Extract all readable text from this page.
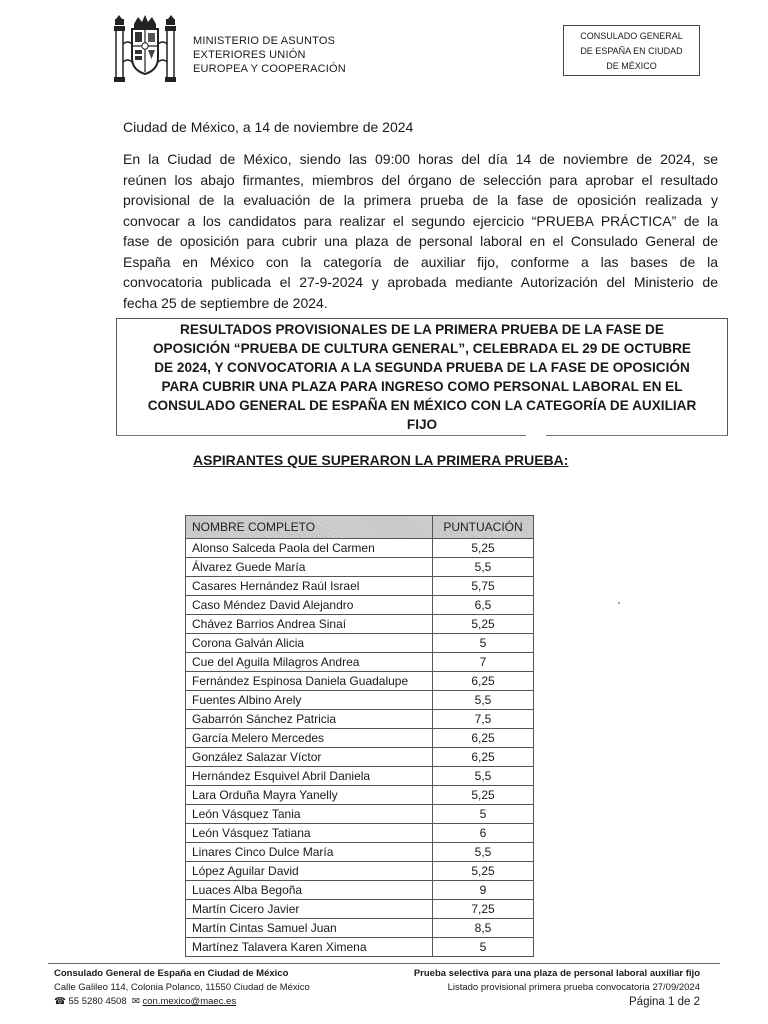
MINISTERIO DE ASUNTOS
EXTERIORES UNIÓN
EUROPEA Y COOPERACIÓN
CONSULADO GENERAL
DE ESPAÑA EN CIUDAD
DE MÉXICO
Ciudad de México, a 14 de noviembre de 2024
En la Ciudad de México, siendo las 09:00 horas del día 14 de noviembre de 2024, se
reúnen los abajo firmantes, miembros del órgano de selección para aprobar el resultado
provisional de la evaluación de la primera prueba de la fase de oposición realizada y
convocar a los candidatos para realizar el segundo ejercicio “PRUEBA PRÁCTICA” de la
fase de oposición para cubrir una plaza de personal laboral en el Consulado General de
España en México con la categoría de auxiliar fijo, conforme a las bases de la
convocatoria publicada el 27-9-2024 y aprobada mediante Autorización del Ministerio de
fecha 25 de septiembre de 2024.
RESULTADOS PROVISIONALES DE LA PRIMERA PRUEBA DE LA FASE DE
OPOSICIÓN “PRUEBA DE CULTURA GENERAL”, CELEBRADA EL 29 DE OCTUBRE
DE 2024, Y CONVOCATORIA A LA SEGUNDA PRUEBA DE LA FASE DE OPOSICIÓN
PARA CUBRIR UNA PLAZA PARA INGRESO COMO PERSONAL LABORAL EN EL
CONSULADO GENERAL DE ESPAÑA EN MÉXICO CON LA CATEGORÍA DE AUXILIAR
FIJO
ASPIRANTES QUE SUPERARON LA PRIMERA PRUEBA:
NOMBRE COMPLETO	PUNTUACIÓN
Alonso Salceda Paola del Carmen	5,25
Álvarez Guede María	5,5
Casares Hernández Raúl Israel	5,75
Caso Méndez David Alejandro	6,5
Chávez Barrios Andrea Sinaí	5,25
Corona Galván Alicia	5
Cue del Aguila Milagros Andrea	7
Fernández Espinosa Daniela Guadalupe	6,25
Fuentes Albino Arely	5,5
Gabarrón Sánchez Patricia	7,5
García Melero Mercedes	6,25
González Salazar Víctor	6,25
Hernández Esquivel Abril Daniela	5,5
Lara Orduña Mayra Yanelly	5,25
León Vásquez Tania	5
León Vásquez Tatiana	6
Linares Cinco Dulce María	5,5
López Aguilar David	5,25
Luaces Alba Begoña	9
Martín Cicero Javier	7,25
Martín Cintas Samuel Juan	8,5
Martínez Talavera Karen Ximena	5
Consulado General de España en Ciudad de México
Calle Galileo 114, Colonia Polanco, 11550 Ciudad de México
☎ 55 5280 4508  ✉ con.mexico@maec.es
Prueba selectiva para una plaza de personal laboral auxiliar fijo
Listado provisional primera prueba convocatoria 27/09/2024
Página 1 de 2
